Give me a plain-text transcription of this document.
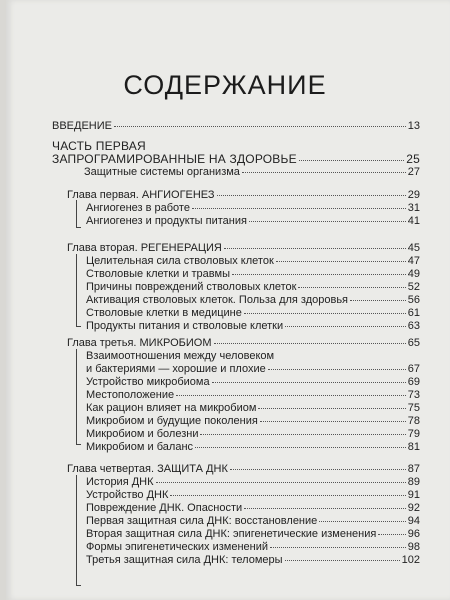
СОДЕРЖАНИЕ
ВВЕДЕНИЕ	13
ЧАСТЬ ПЕРВАЯ
ЗАПРОГРАМИРОВАННЫЕ НА ЗДОРОВЬЕ	25
Защитные системы организма	27
Глава первая. АНГИОГЕНЕЗ	29
Ангиогенез в работе	31
Ангиогенез и продукты питания	41
Глава вторая. РЕГЕНЕРАЦИЯ	45
Целительная сила стволовых клеток	47
Стволовые клетки и травмы	49
Причины повреждений стволовых клеток	52
Активация стволовых клеток. Польза для здоровья	56
Стволовые клетки в медицине	61
Продукты питания и стволовые клетки	63
Глава третья. МИКРОБИОМ	65
Взаимоотношения между человеком
и бактериями — хорошие и плохие	67
Устройство микробиома	69
Местоположение	73
Как рацион влияет на микробиом	75
Микробиом и будущие поколения	78
Микробиом и болезни	79
Микробиом и баланс	81
Глава четвертая. ЗАЩИТА ДНК	87
История ДНК	89
Устройство ДНК	91
Повреждение ДНК. Опасности	92
Первая защитная сила ДНК: восстановление	94
Вторая защитная сила ДНК: эпигенетические изменения	96
Формы эпигенетических изменений	98
Третья защитная сила ДНК: теломеры	102
